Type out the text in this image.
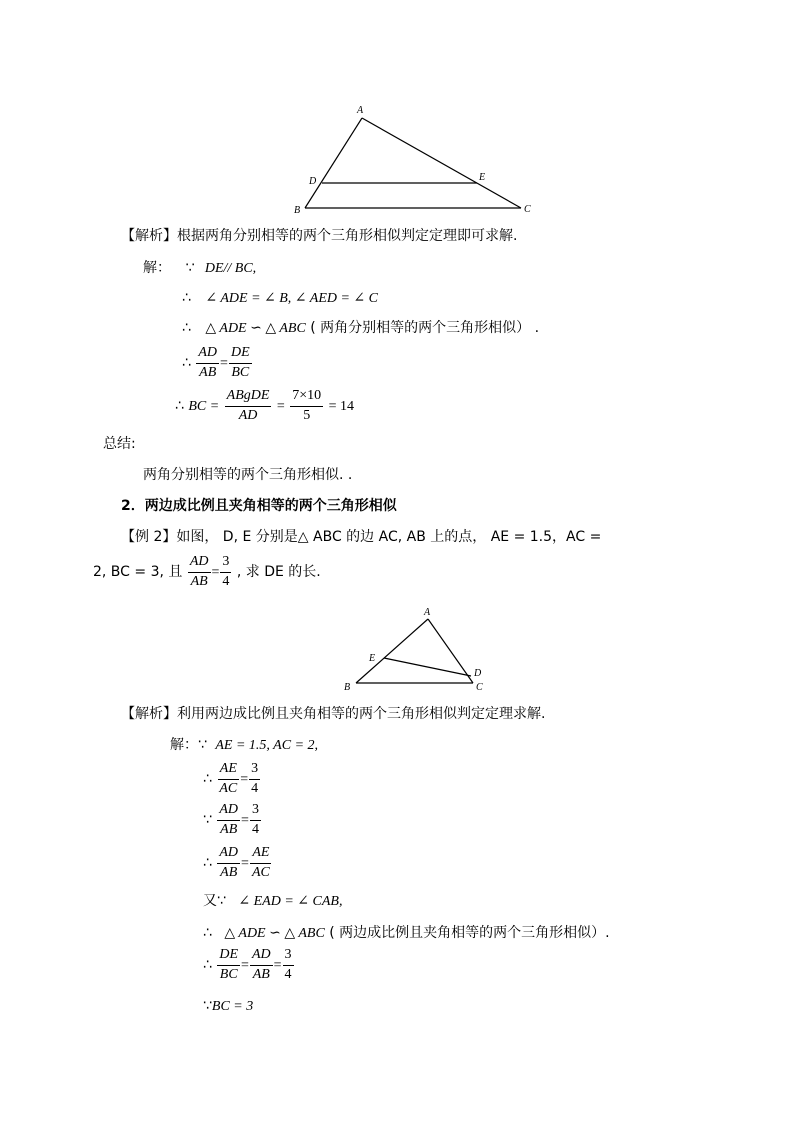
A
B	C
D	E
【解析】根据两角分别相等的两个三角形相似判定定理即可求解.
解： ∵ DE// BC,
∴ ∠ ADE = ∠ B, ∠ AED = ∠ C
∴ △ ADE ∽ △ ABC ( 两角分别相等的两个三角形相似） .
∴ $\frac{AD}{AB} = \frac{DE}{BC}$
∴ BC = $\frac{\text{ABgDE}}{AD} = \frac{7\times 10}{5} = 14$
总结:
两角分别相等的两个三角形相似. .
2．两边成比例且夹角相等的两个三角形相似
【例 2】如图， D, E 分别是△ ABC 的边 AC, AB 上的点， AE = 1.5，AC =
2, BC = 3, 且 $\frac{AD}{AB} = \frac{3}{4}$ , 求 DE 的长.
A
B	C
D
E
【解析】利用两边成比例且夹角相等的两个三角形相似判定定理求解.
解：∵ AE = 1.5, AC = 2,
∴ $\frac{AE}{AC} = \frac{3}{4}$
∵ $\frac{AD}{AB} = \frac{3}{4}$
∴ $\frac{AD}{AB} = \frac{AE}{AC}$
又∵ ∠ EAD = ∠ CAB,
∴ △ ADE ∽ △ ABC ( 两边成比例且夹角相等的两个三角形相似）.
∴ $\frac{DE}{BC} = \frac{AD}{AB} = \frac{3}{4}$
∵BC = 3
